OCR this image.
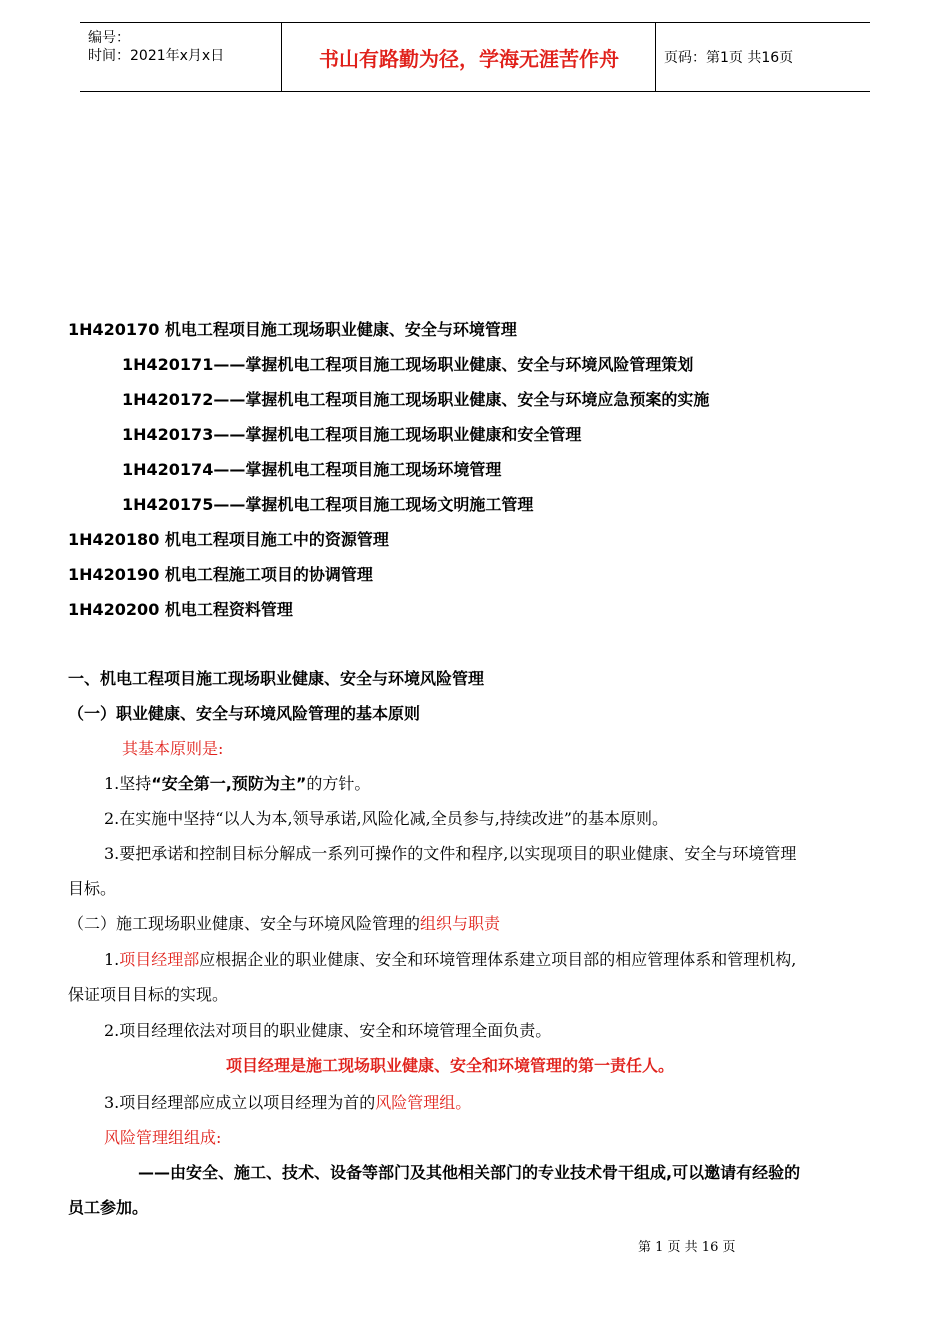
编号：
时间：2021年x月x日	书山有路勤为径，学海无涯苦作舟	页码：第1页 共16页
1H420170 机电工程项目施工现场职业健康、安全与环境管理
1H420171——掌握机电工程项目施工现场职业健康、安全与环境风险管理策划
1H420172——掌握机电工程项目施工现场职业健康、安全与环境应急预案的实施
1H420173——掌握机电工程项目施工现场职业健康和安全管理
1H420174——掌握机电工程项目施工现场环境管理
1H420175——掌握机电工程项目施工现场文明施工管理
1H420180 机电工程项目施工中的资源管理
1H420190 机电工程施工项目的协调管理
1H420200 机电工程资料管理
一、机电工程项目施工现场职业健康、安全与环境风险管理
（一）职业健康、安全与环境风险管理的基本原则
其基本原则是:
1.坚持“安全第一,预防为主”的方针。
2.在实施中坚持“以人为本,领导承诺,风险化减,全员参与,持续改进”的基本原则。
3.要把承诺和控制目标分解成一系列可操作的文件和程序,以实现项目的职业健康、安全与环境管理
目标。
（二）施工现场职业健康、安全与环境风险管理的组织与职责
1.项目经理部应根据企业的职业健康、安全和环境管理体系建立项目部的相应管理体系和管理机构,
保证项目目标的实现。
2.项目经理依法对项目的职业健康、安全和环境管理全面负责。
项目经理是施工现场职业健康、安全和环境管理的第一责任人。
3.项目经理部应成立以项目经理为首的风险管理组。
风险管理组组成:
——由安全、施工、技术、设备等部门及其他相关部门的专业技术骨干组成,可以邀请有经验的
员工参加。
第 1 页 共 16 页
